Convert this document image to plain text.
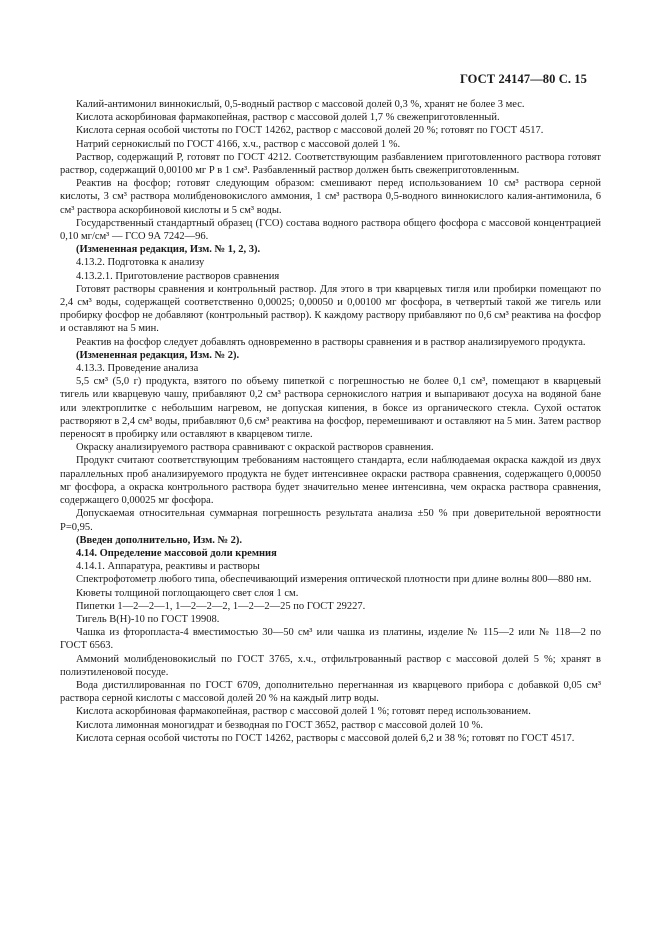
ГОСТ 24147—80 С. 15

Калий-антимонил виннокислый, 0,5-водный раствор с массовой долей 0,3 %, хранят не более 3 мес.

Кислота аскорбиновая фармакопейная, раствор с массовой долей 1,7 % свежеприготовленный.

Кислота серная особой чистоты по ГОСТ 14262, раствор с массовой долей 20 %; готовят по ГОСТ 4517.

Натрий сернокислый по ГОСТ 4166, х.ч., раствор с массовой долей 1 %.

Раствор, содержащий Р, готовят по ГОСТ 4212. Соответствующим разбавлением приготовленного раствора готовят раствор, содержащий 0,00100 мг Р в 1 см³. Разбавленный раствор должен быть свежеприготовленным.

Реактив на фосфор; готовят следующим образом: смешивают перед использованием 10 см³ раствора серной кислоты, 3 см³ раствора молибденовокислого аммония, 1 см³ раствора 0,5-водного виннокислого калия-антимонила, 6 см³ раствора аскорбиновой кислоты и 5 см³ воды.

Государственный стандартный образец (ГСО) состава водного раствора общего фосфора с массовой концентрацией 0,10 мг/см³ — ГСО 9А 7242—96.

(Измененная редакция, Изм. № 1, 2, 3).

4.13.2. Подготовка к анализу

4.13.2.1. Приготовление растворов сравнения

Готовят растворы сравнения и контрольный раствор. Для этого в три кварцевых тигля или пробирки помещают по 2,4 см³ воды, содержащей соответственно 0,00025; 0,00050 и 0,00100 мг фосфора, в четвертый такой же тигель или пробирку фосфор не добавляют (контрольный раствор). К каждому раствору прибавляют по 0,6 см³ реактива на фосфор и оставляют на 5 мин.

Реактив на фосфор следует добавлять одновременно в растворы сравнения и в раствор анализируемого продукта.

(Измененная редакция, Изм. № 2).

4.13.3. Проведение анализа

5,5 см³ (5,0 г) продукта, взятого по объему пипеткой с погрешностью не более 0,1 см³, помещают в кварцевый тигель или кварцевую чашу, прибавляют 0,2 см³ раствора сернокислого натрия и выпаривают досуха на водяной бане или электроплитке с небольшим нагревом, не допуская кипения, в боксе из органического стекла. Сухой остаток растворяют в 2,4 см³ воды, прибавляют 0,6 см³ реактива на фосфор, перемешивают и оставляют на 5 мин. Затем раствор переносят в пробирку или оставляют в кварцевом тигле.

Окраску анализируемого раствора сравнивают с окраской растворов сравнения.

Продукт считают соответствующим требованиям настоящего стандарта, если наблюдаемая окраска каждой из двух параллельных проб анализируемого продукта не будет интенсивнее окраски раствора сравнения, содержащего 0,00050 мг фосфора, а окраска контрольного раствора будет значительно менее интенсивна, чем окраска раствора сравнения, содержащего 0,00025 мг фосфора.

Допускаемая относительная суммарная погрешность результата анализа ±50 % при доверительной вероятности P=0,95.

(Введен дополнительно, Изм. № 2).

4.14. Определение массовой доли кремния

4.14.1. Аппаратура, реактивы и растворы

Спектрофотометр любого типа, обеспечивающий измерения оптической плотности при длине волны 800—880 нм.

Кюветы толщиной поглощающего свет слоя 1 см.

Пипетки 1—2—2—1, 1—2—2—2, 1—2—2—25 по ГОСТ 29227.

Тигель В(Н)-10 по ГОСТ 19908.

Чашка из фторопласта-4 вместимостью 30—50 см³ или чашка из платины, изделие № 115—2 или № 118—2 по ГОСТ 6563.

Аммоний молибденовокислый по ГОСТ 3765, х.ч., отфильтрованный раствор с массовой долей 5 %; хранят в полиэтиленовой посуде.

Вода дистиллированная по ГОСТ 6709, дополнительно перегнанная из кварцевого прибора с добавкой 0,05 см³ раствора серной кислоты с массовой долей 20 % на каждый литр воды.

Кислота аскорбиновая фармакопейная, раствор с массовой долей 1 %; готовят перед использованием.

Кислота лимонная моногидрат и безводная по ГОСТ 3652, раствор с массовой долей 10 %.

Кислота серная особой чистоты по ГОСТ 14262, растворы с массовой долей 6,2 и 38 %; готовят по ГОСТ 4517.
